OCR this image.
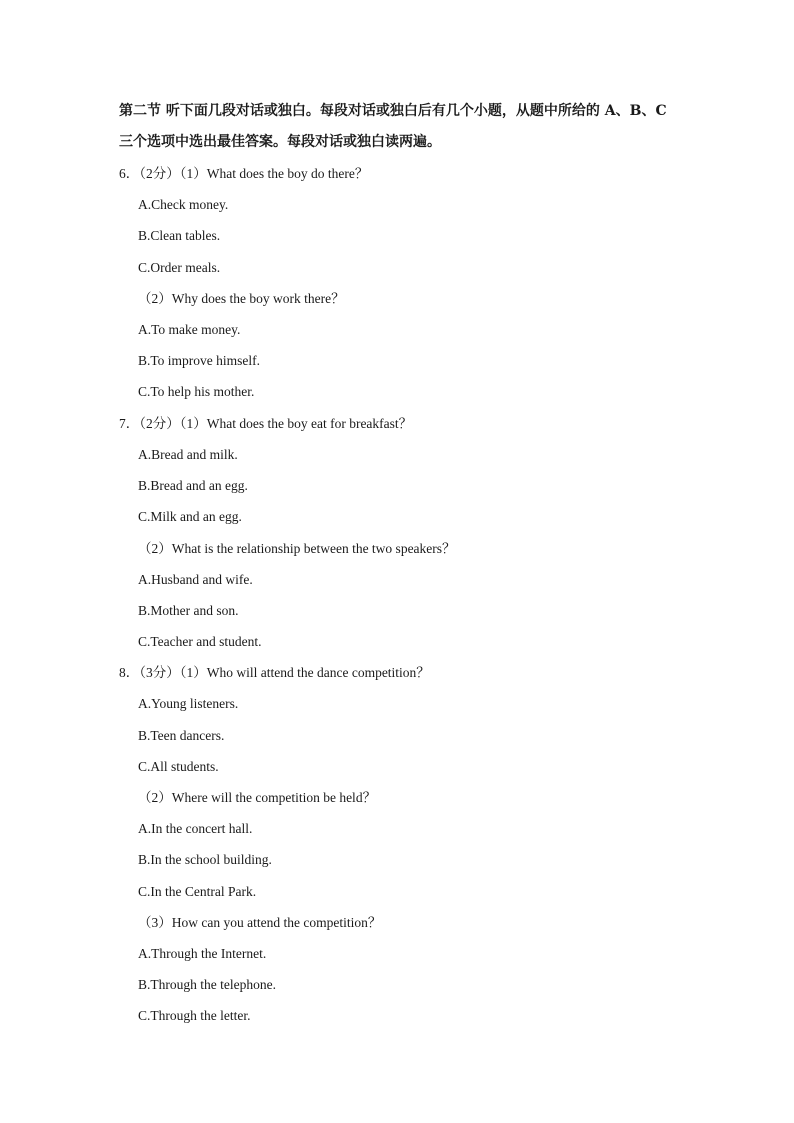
第二节 听下面几段对话或独白。每段对话或独白后有几个小题，从题中所给的 A、B、C
三个选项中选出最佳答案。每段对话或独白读两遍。
6．（2分）（1）What does the boy do there？
A.Check money.
B.Clean tables.
C.Order meals.
（2）Why does the boy work there？
A.To make money.
B.To improve himself.
C.To help his mother.
7．（2分）（1）What does the boy eat for breakfast？
A.Bread and milk.
B.Bread and an egg.
C.Milk and an egg.
（2）What is the relationship between the two speakers？
A.Husband and wife.
B.Mother and son.
C.Teacher and student.
8．（3分）（1）Who will attend the dance competition？
A.Young listeners.
B.Teen dancers.
C.All students.
（2）Where will the competition be held？
A.In the concert hall.
B.In the school building.
C.In the Central Park.
（3）How can you attend the competition？
A.Through the Internet.
B.Through the telephone.
C.Through the letter.
